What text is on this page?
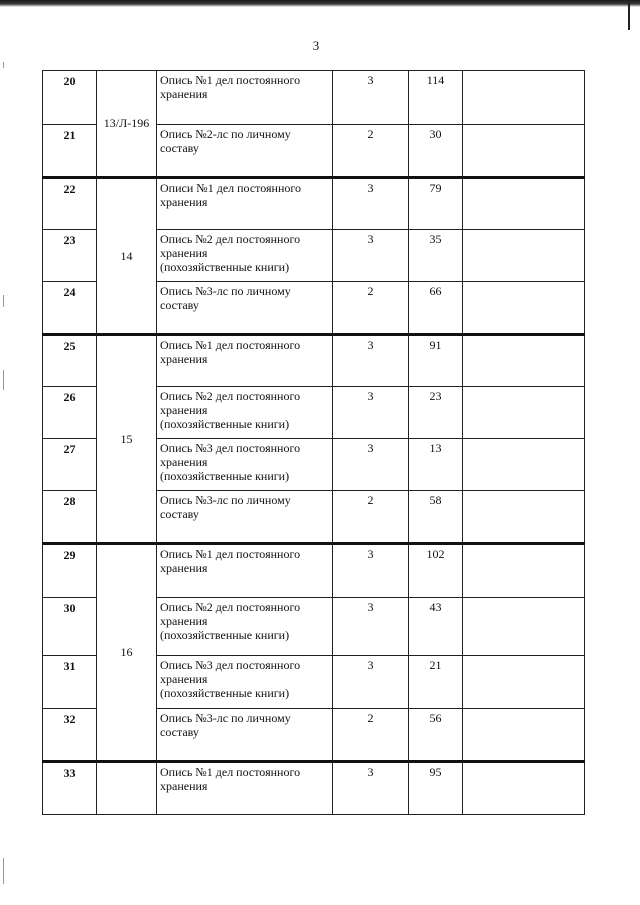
3
20	13/Л-196	Опись №1 дел постоянного
хранения	3	114	
21		Опись №2-лс по личному
составу	2	30	
22	14	Описи №1 дел постоянного
хранения	3	79	
23		Опись №2 дел постоянного
хранения
(похозяйственные книги)	3	35	
24		Опись №3-лс по личному
составу	2	66	
25	15	Опись №1 дел постоянного
хранения	3	91	
26		Опись №2 дел постоянного
хранения
(похозяйственные книги)	3	23	
27		Опись №3 дел постоянного
хранения
(похозяйственные книги)	3	13	
28		Опись №3-лс по личному
составу	2	58	
29	16	Опись №1 дел постоянного
хранения	3	102	
30		Опись №2 дел постоянного
хранения
(похозяйственные книги)	3	43	
31		Опись №3 дел постоянного
хранения
(похозяйственные книги)	3	21	
32		Опись №3-лс по личному
составу	2	56	
33		Опись №1 дел постоянного
хранения	3	95	
